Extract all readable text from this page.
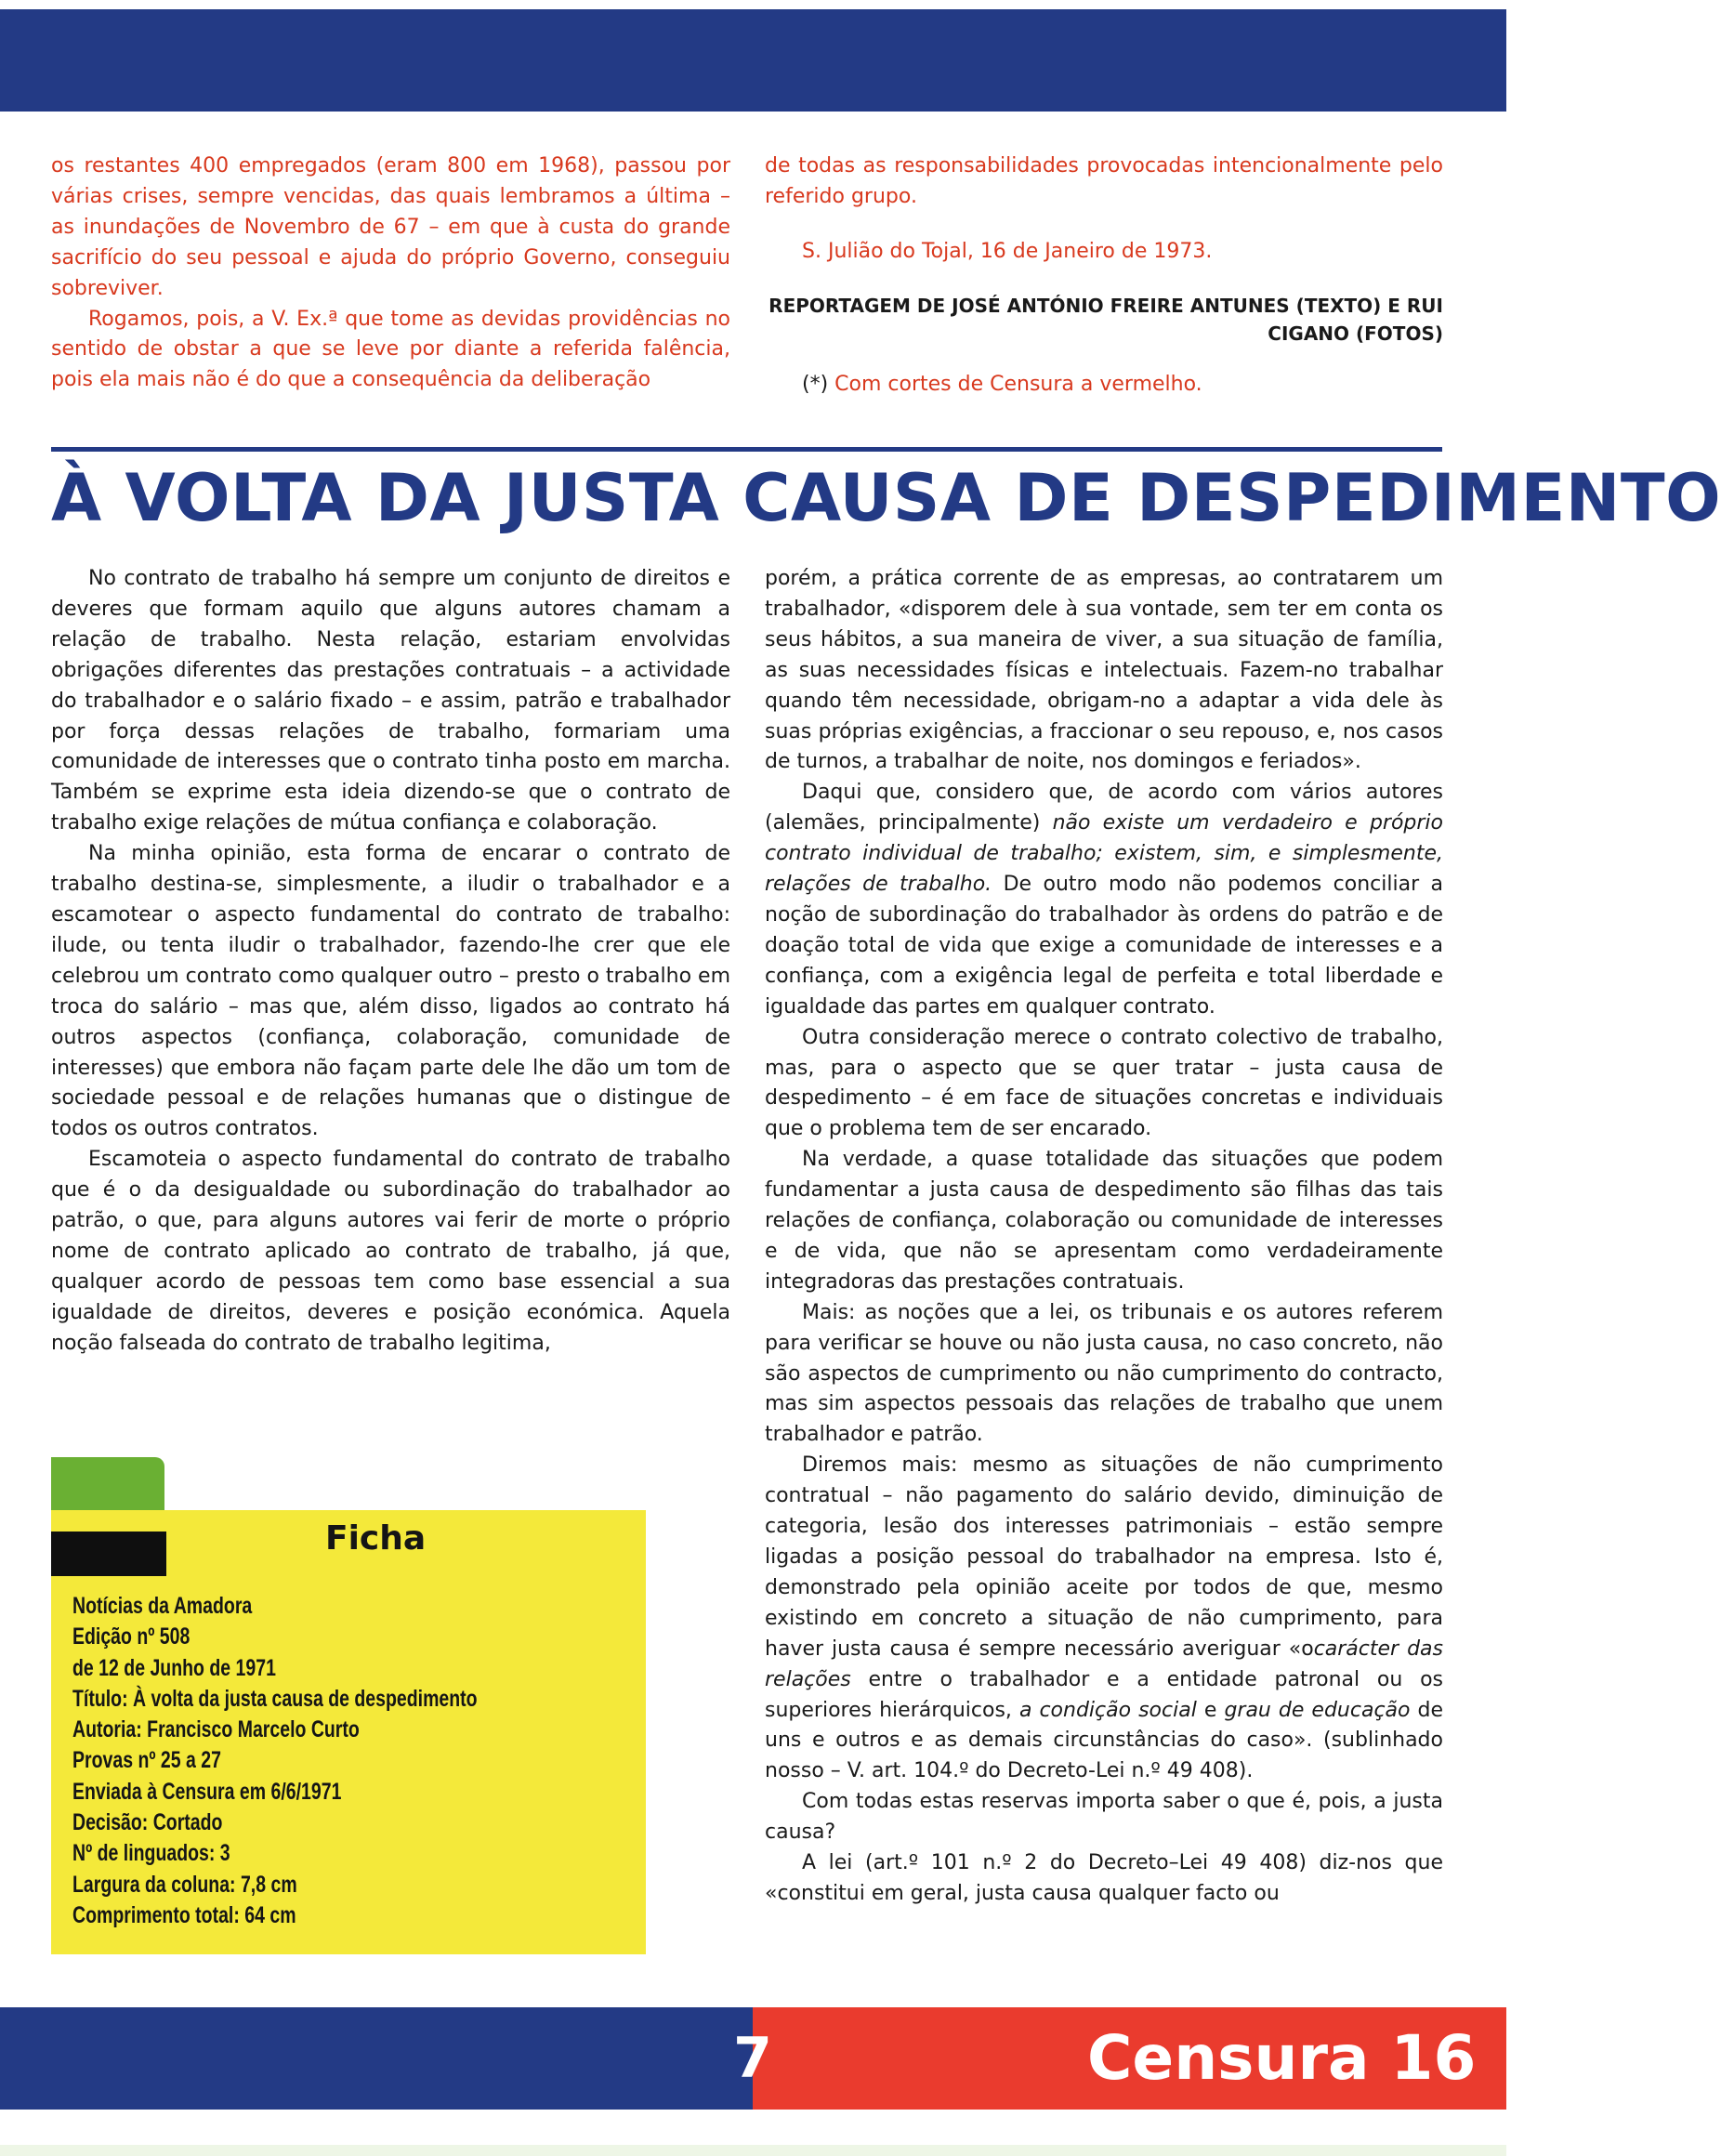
os restantes 400 empregados (eram 800 em 1968), passou por várias crises, sempre vencidas, das quais lembramos a última – as inundações de Novembro de 67 – em que à custa do grande sacrifício do seu pessoal e ajuda do próprio Governo, conseguiu sobreviver.

Rogamos, pois, a V. Ex.ª que tome as devidas providências no sentido de obstar a que se leve por diante a referida falência, pois ela mais não é do que a consequência da deliberação

de todas as responsabilidades provocadas intencionalmente pelo referido grupo.

S. Julião do Tojal, 16 de Janeiro de 1973.

REPORTAGEM DE JOSÉ ANTÓNIO FREIRE ANTUNES (TEXTO) E RUI CIGANO (FOTOS)

(*) Com cortes de Censura a vermelho.

À VOLTA DA JUSTA CAUSA DE DESPEDIMENTO

No contrato de trabalho há sempre um conjunto de direitos e deveres que formam aquilo que alguns autores chamam a relação de trabalho. Nesta relação, estariam envolvidas obrigações diferentes das prestações contratuais – a actividade do trabalhador e o salário fixado – e assim, patrão e trabalhador por força dessas relações de trabalho, formariam uma comunidade de interesses que o contrato tinha posto em marcha. Também se exprime esta ideia dizendo-se que o contrato de trabalho exige relações de mútua confiança e colaboração.

Na minha opinião, esta forma de encarar o contrato de trabalho destina-se, simplesmente, a iludir o trabalhador e a escamotear o aspecto fundamental do contrato de trabalho: ilude, ou tenta iludir o trabalhador, fazendo-lhe crer que ele celebrou um contrato como qualquer outro – presto o trabalho em troca do salário – mas que, além disso, ligados ao contrato há outros aspectos (confiança, colaboração, comunidade de interesses) que embora não façam parte dele lhe dão um tom de sociedade pessoal e de relações humanas que o distingue de todos os outros contratos.

Escamoteia o aspecto fundamental do contrato de trabalho que é o da desigualdade ou subordinação do trabalhador ao patrão, o que, para alguns autores vai ferir de morte o próprio nome de contrato aplicado ao contrato de trabalho, já que, qualquer acordo de pessoas tem como base essencial a sua igualdade de direitos, deveres e posição económica. Aquela noção falseada do contrato de trabalho legitima,

porém, a prática corrente de as empresas, ao contratarem um trabalhador, «disporem dele à sua vontade, sem ter em conta os seus hábitos, a sua maneira de viver, a sua situação de família, as suas necessidades físicas e intelectuais. Fazem-no trabalhar quando têm necessidade, obrigam-no a adaptar a vida dele às suas próprias exigências, a fraccionar o seu repouso, e, nos casos de turnos, a trabalhar de noite, nos domingos e feriados».

Daqui que, considero que, de acordo com vários autores (alemães, principalmente) não existe um verdadeiro e próprio contrato individual de trabalho; existem, sim, e simplesmente, relações de trabalho. De outro modo não podemos conciliar a noção de subordinação do trabalhador às ordens do patrão e de doação total de vida que exige a comunidade de interesses e a confiança, com a exigência legal de perfeita e total liberdade e igualdade das partes em qualquer contrato.

Outra consideração merece o contrato colectivo de trabalho, mas, para o aspecto que se quer tratar – justa causa de despedimento – é em face de situações concretas e individuais que o problema tem de ser encarado.

Na verdade, a quase totalidade das situações que podem fundamentar a justa causa de despedimento são filhas das tais relações de confiança, colaboração ou comunidade de interesses e de vida, que não se apresentam como verdadeiramente integradoras das prestações contratuais.

Mais: as noções que a lei, os tribunais e os autores referem para verificar se houve ou não justa causa, no caso concreto, não são aspectos de cumprimento ou não cumprimento do contracto, mas sim aspectos pessoais das relações de trabalho que unem trabalhador e patrão.

Diremos mais: mesmo as situações de não cumprimento contratual – não pagamento do salário devido, diminuição de categoria, lesão dos interesses patrimoniais – estão sempre ligadas a posição pessoal do trabalhador na empresa. Isto é, demonstrado pela opinião aceite por todos de que, mesmo existindo em concreto a situação de não cumprimento, para haver justa causa é sempre necessário averiguar «ocarácter das relações entre o trabalhador e a entidade patronal ou os superiores hierárquicos, a condição social e grau de educação de uns e outros e as demais circunstâncias do caso». (sublinhado nosso – V. art. 104.º do Decreto-Lei n.º 49 408).

Com todas estas reservas importa saber o que é, pois, a justa causa?

A lei (art.º 101 n.º 2 do Decreto–Lei 49 408) diz-nos que «constitui em geral, justa causa qualquer facto ou

Ficha
Notícias da Amadora
Edição nº 508
de 12 de Junho de 1971
Título: À volta da justa causa de despedimento
Autoria: Francisco Marcelo Curto
Provas nº 25 a 27
Enviada à Censura em 6/6/1971
Decisão: Cortado
Nº de linguados: 3
Largura da coluna: 7,8 cm
Comprimento total: 64 cm
7	Censura 16
